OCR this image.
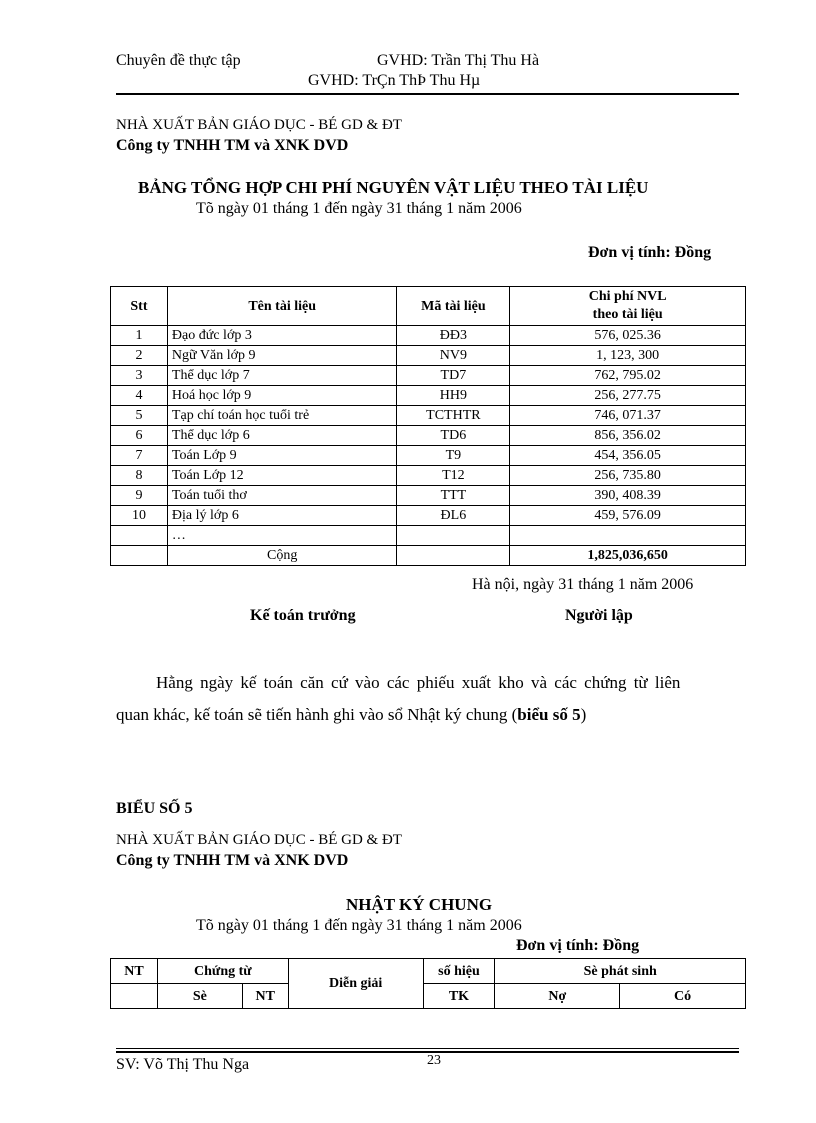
Chuyên đề thực tập	GVHD: Trần Thị Thu Hà
GVHD: TrÇn ThÞ Thu Hµ
NHÀ XUẤT BẢN GIÁO DỤC - BÉ GD & ĐT
Công ty TNHH TM và XNK DVD
BẢNG TỔNG HỢP CHI PHÍ NGUYÊN VẬT LIỆU THEO TÀI LIỆU
Tõ ngày 01 tháng 1 đến ngày 31 tháng 1 năm 2006
Đơn vị tính: Đồng
Stt	Tên tài liệu	Mã tài liệu	Chi phí NVL
theo tài liệu
1	Đạo đức lớp 3	ĐĐ3	576, 025.36
2	Ngữ Văn lớp 9	NV9	1, 123, 300
3	Thể dục lớp 7	TD7	762, 795.02
4	Hoá học lớp 9	HH9	256, 277.75
5	Tạp chí toán học tuổi trẻ	TCTHTR	746, 071.37
6	Thể dục lớp 6	TD6	856, 356.02
7	Toán Lớp 9	T9	454, 356.05
8	Toán Lớp 12	T12	256, 735.80
9	Toán tuổi thơ	TTT	390, 408.39
10	Địa lý lớp 6	ĐL6	459, 576.09
	…		
	Cộng		1,825,036,650
Hà nội, ngày 31 tháng 1 năm 2006
Kế toán trưởng	Người lập
Hằng ngày kế toán căn cứ vào các phiếu xuất kho và các chứng từ liên
quan khác, kế toán sẽ tiến hành ghi vào sổ Nhật ký chung (biểu số 5)
BIỂU SỐ 5
NHÀ XUẤT BẢN GIÁO DỤC - BÉ GD & ĐT
Công ty TNHH TM và XNK DVD
NHẬT KÝ CHUNG
Tõ ngày 01 tháng 1 đến ngày 31 tháng 1 năm 2006
Đơn vị tính: Đồng
NT	Chứng từ		Diễn giải	số hiệu	Sè phát sinh	
	Sè	NT		TK	Nợ	Có
SV: Võ Thị Thu Nga	23
